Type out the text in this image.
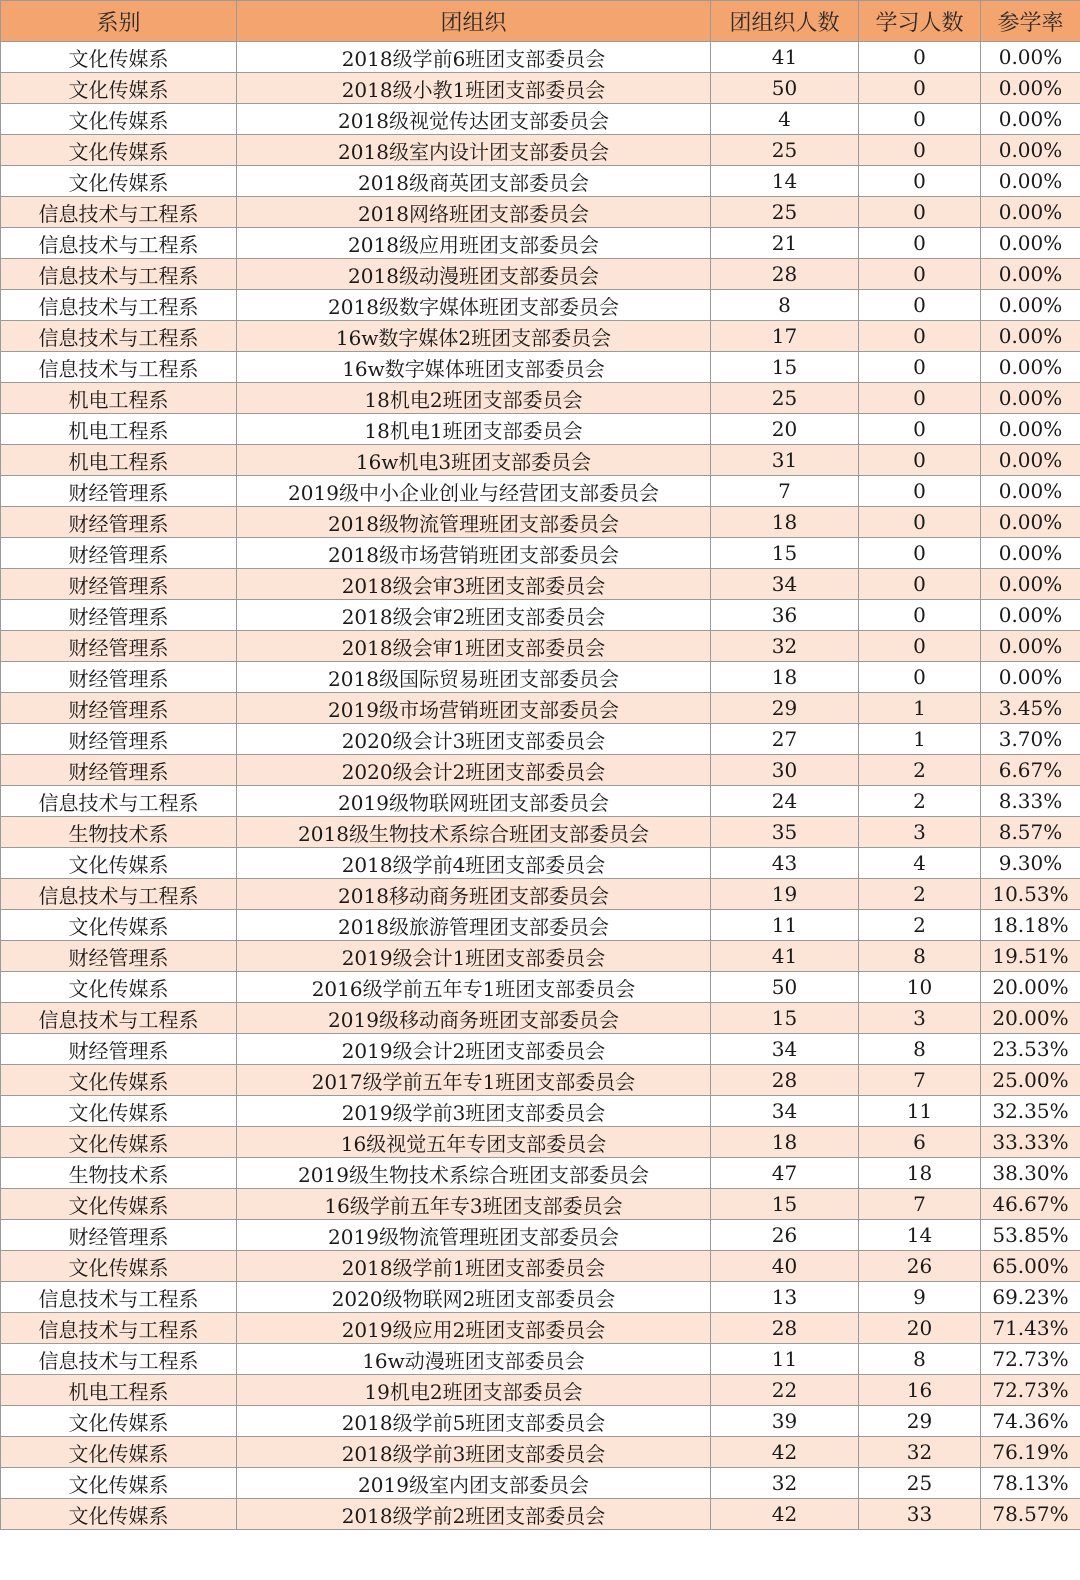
系别	团组织	团组织人数	学习人数	参学率
文化传媒系	2018级学前6班团支部委员会	41	0	0.00%
文化传媒系	2018级小教1班团支部委员会	50	0	0.00%
文化传媒系	2018级视觉传达团支部委员会	4	0	0.00%
文化传媒系	2018级室内设计团支部委员会	25	0	0.00%
文化传媒系	2018级商英团支部委员会	14	0	0.00%
信息技术与工程系	2018网络班团支部委员会	25	0	0.00%
信息技术与工程系	2018级应用班团支部委员会	21	0	0.00%
信息技术与工程系	2018级动漫班团支部委员会	28	0	0.00%
信息技术与工程系	2018级数字媒体班团支部委员会	8	0	0.00%
信息技术与工程系	16w数字媒体2班团支部委员会	17	0	0.00%
信息技术与工程系	16w数字媒体班团支部委员会	15	0	0.00%
机电工程系	18机电2班团支部委员会	25	0	0.00%
机电工程系	18机电1班团支部委员会	20	0	0.00%
机电工程系	16w机电3班团支部委员会	31	0	0.00%
财经管理系	2019级中小企业创业与经营团支部委员会	7	0	0.00%
财经管理系	2018级物流管理班团支部委员会	18	0	0.00%
财经管理系	2018级市场营销班团支部委员会	15	0	0.00%
财经管理系	2018级会审3班团支部委员会	34	0	0.00%
财经管理系	2018级会审2班团支部委员会	36	0	0.00%
财经管理系	2018级会审1班团支部委员会	32	0	0.00%
财经管理系	2018级国际贸易班团支部委员会	18	0	0.00%
财经管理系	2019级市场营销班团支部委员会	29	1	3.45%
财经管理系	2020级会计3班团支部委员会	27	1	3.70%
财经管理系	2020级会计2班团支部委员会	30	2	6.67%
信息技术与工程系	2019级物联网班团支部委员会	24	2	8.33%
生物技术系	2018级生物技术系综合班团支部委员会	35	3	8.57%
文化传媒系	2018级学前4班团支部委员会	43	4	9.30%
信息技术与工程系	2018移动商务班团支部委员会	19	2	10.53%
文化传媒系	2018级旅游管理团支部委员会	11	2	18.18%
财经管理系	2019级会计1班团支部委员会	41	8	19.51%
文化传媒系	2016级学前五年专1班团支部委员会	50	10	20.00%
信息技术与工程系	2019级移动商务班团支部委员会	15	3	20.00%
财经管理系	2019级会计2班团支部委员会	34	8	23.53%
文化传媒系	2017级学前五年专1班团支部委员会	28	7	25.00%
文化传媒系	2019级学前3班团支部委员会	34	11	32.35%
文化传媒系	16级视觉五年专团支部委员会	18	6	33.33%
生物技术系	2019级生物技术系综合班团支部委员会	47	18	38.30%
文化传媒系	16级学前五年专3班团支部委员会	15	7	46.67%
财经管理系	2019级物流管理班团支部委员会	26	14	53.85%
文化传媒系	2018级学前1班团支部委员会	40	26	65.00%
信息技术与工程系	2020级物联网2班团支部委员会	13	9	69.23%
信息技术与工程系	2019级应用2班团支部委员会	28	20	71.43%
信息技术与工程系	16w动漫班团支部委员会	11	8	72.73%
机电工程系	19机电2班团支部委员会	22	16	72.73%
文化传媒系	2018级学前5班团支部委员会	39	29	74.36%
文化传媒系	2018级学前3班团支部委员会	42	32	76.19%
文化传媒系	2019级室内团支部委员会	32	25	78.13%
文化传媒系	2018级学前2班团支部委员会	42	33	78.57%
